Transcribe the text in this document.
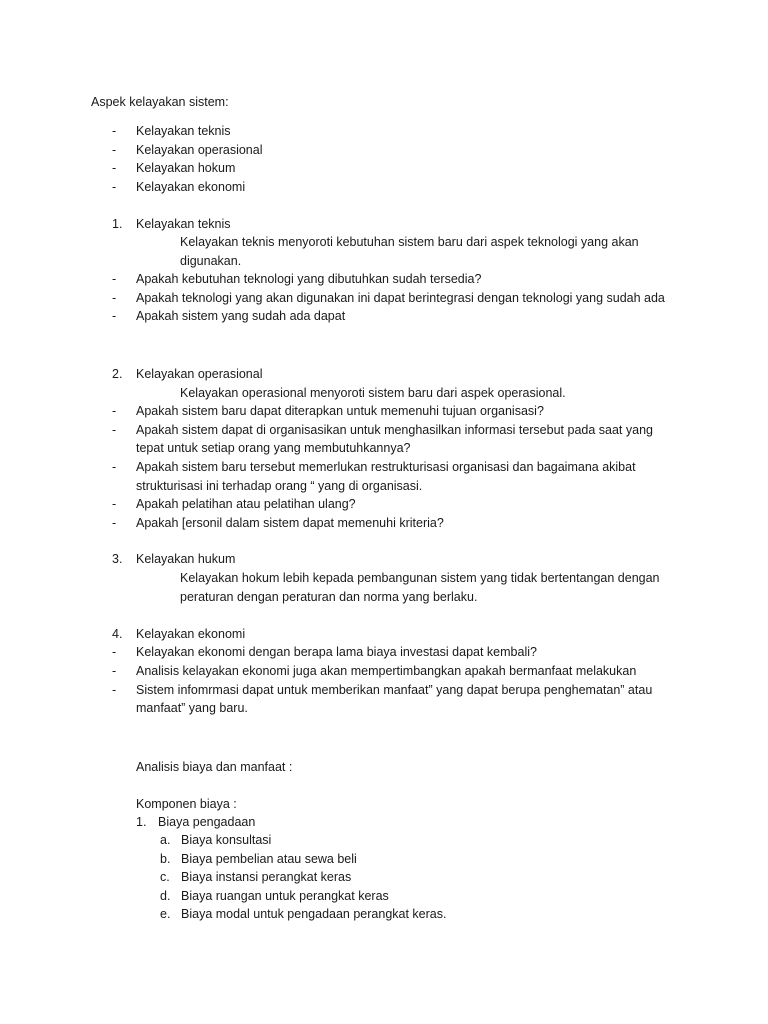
Aspek kelayakan sistem:
- Kelayakan teknis
- Kelayakan operasional
- Kelayakan hokum
- Kelayakan ekonomi
1. Kelayakan teknis
Kelayakan teknis menyoroti kebutuhan sistem baru dari aspek teknologi yang akan
digunakan.
- Apakah kebutuhan teknologi yang dibutuhkan sudah tersedia?
- Apakah teknologi yang akan digunakan ini dapat berintegrasi dengan teknologi yang sudah ada
- Apakah sistem yang sudah ada dapat
2. Kelayakan operasional
Kelayakan operasional menyoroti sistem baru dari aspek operasional.
- Apakah sistem baru dapat diterapkan untuk memenuhi tujuan organisasi?
- Apakah sistem dapat di organisasikan untuk menghasilkan informasi tersebut pada saat yang
tepat untuk setiap orang yang membutuhkannya?
- Apakah sistem baru tersebut memerlukan restrukturisasi organisasi dan bagaimana akibat
strukturisasi ini terhadap orang “ yang di organisasi.
- Apakah pelatihan atau pelatihan ulang?
- Apakah [ersonil dalam sistem dapat memenuhi kriteria?
3. Kelayakan hukum
Kelayakan hokum lebih kepada pembangunan sistem yang tidak bertentangan dengan
peraturan dengan peraturan dan norma yang berlaku.
4. Kelayakan ekonomi
- Kelayakan ekonomi dengan berapa lama biaya investasi dapat kembali?
- Analisis kelayakan ekonomi juga akan mempertimbangkan apakah bermanfaat melakukan
- Sistem infomrmasi dapat untuk memberikan manfaat” yang dapat berupa penghematan” atau
manfaat” yang baru.
Analisis biaya dan manfaat :
Komponen biaya :
1. Biaya pengadaan
a. Biaya konsultasi
b. Biaya pembelian atau sewa beli
c. Biaya instansi perangkat keras
d. Biaya ruangan untuk perangkat keras
e. Biaya modal untuk pengadaan perangkat keras.
